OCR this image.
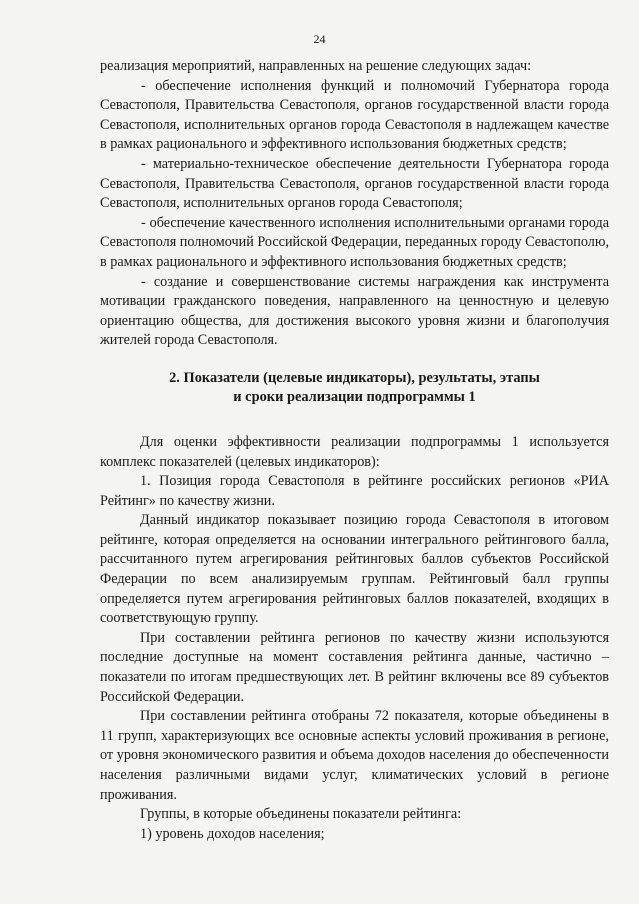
24

реализация мероприятий, направленных на решение следующих задач:

- обеспечение исполнения функций и полномочий Губернатора города Севастополя, Правительства Севастополя, органов государственной власти города Севастополя, исполнительных органов города Севастополя в надлежащем качестве в рамках рационального и эффективного использования бюджетных средств;

- материально-техническое обеспечение деятельности Губернатора города Севастополя, Правительства Севастополя, органов государственной власти города Севастополя, исполнительных органов города Севастополя;

- обеспечение качественного исполнения исполнительными органами города Севастополя полномочий Российской Федерации, переданных городу Севастополю, в рамках рационального и эффективного использования бюджетных средств;

- создание и совершенствование системы награждения как инструмента мотивации гражданского поведения, направленного на ценностную и целевую ориентацию общества, для достижения высокого уровня жизни и благополучия жителей города Севастополя.

2. Показатели (целевые индикаторы), результаты, этапы
и сроки реализации подпрограммы 1

Для оценки эффективности реализации подпрограммы 1 используется комплекс показателей (целевых индикаторов):

1. Позиция города Севастополя в рейтинге российских регионов «РИА Рейтинг» по качеству жизни.

Данный индикатор показывает позицию города Севастополя в итоговом рейтинге, которая определяется на основании интегрального рейтингового балла, рассчитанного путем агрегирования рейтинговых баллов субъектов Российской Федерации по всем анализируемым группам. Рейтинговый балл группы определяется путем агрегирования рейтинговых баллов показателей, входящих в соответствующую группу.

При составлении рейтинга регионов по качеству жизни используются последние доступные на момент составления рейтинга данные, частично – показатели по итогам предшествующих лет. В рейтинг включены все 89 субъектов Российской Федерации.

При составлении рейтинга отобраны 72 показателя, которые объединены в 11 групп, характеризующих все основные аспекты условий проживания в регионе, от уровня экономического развития и объема доходов населения до обеспеченности населения различными видами услуг, климатических условий в регионе проживания.

Группы, в которые объединены показатели рейтинга:

1) уровень доходов населения;
